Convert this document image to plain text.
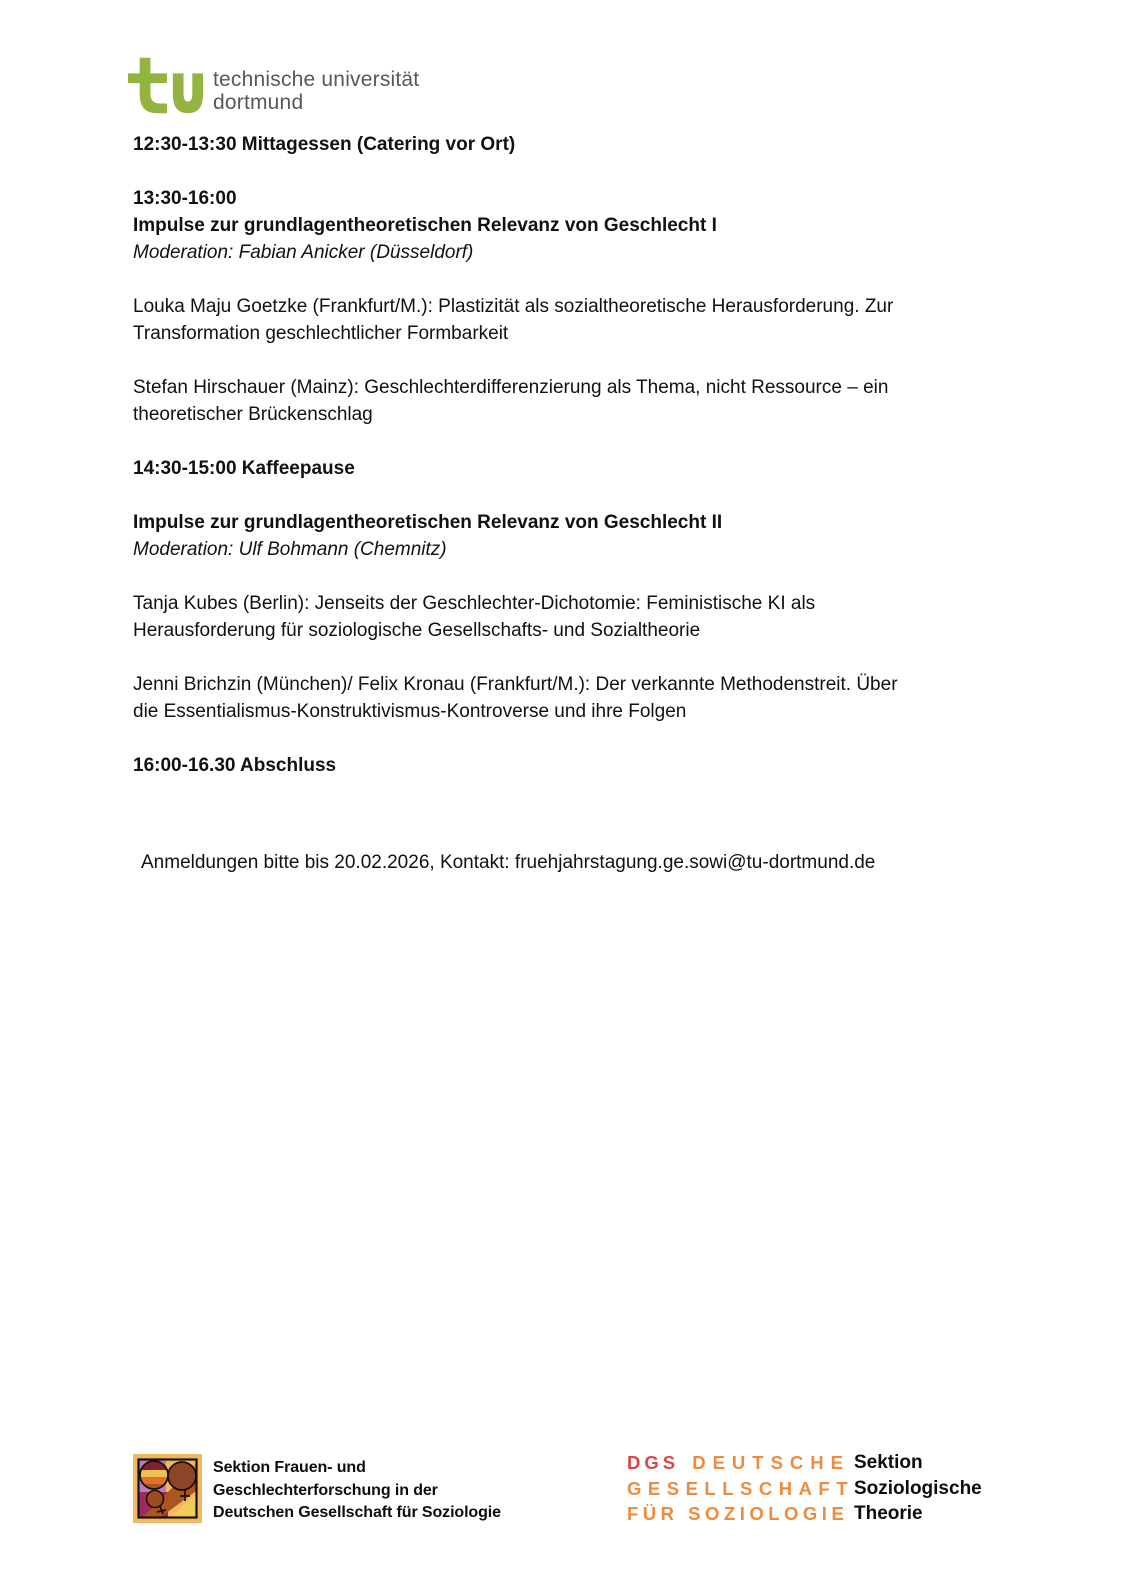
technische universität
dortmund

12:30-13:30 Mittagessen (Catering vor Ort)

13:30-16:00
Impulse zur grundlagentheoretischen Relevanz von Geschlecht I
Moderation: Fabian Anicker (Düsseldorf)

Louka Maju Goetzke (Frankfurt/M.): Plastizität als sozialtheoretische Herausforderung. Zur
Transformation geschlechtlicher Formbarkeit

Stefan Hirschauer (Mainz): Geschlechterdifferenzierung als Thema, nicht Ressource – ein
theoretischer Brückenschlag

14:30-15:00 Kaffeepause

Impulse zur grundlagentheoretischen Relevanz von Geschlecht II
Moderation: Ulf Bohmann (Chemnitz)

Tanja Kubes (Berlin): Jenseits der Geschlechter-Dichotomie: Feministische KI als
Herausforderung für soziologische Gesellschafts- und Sozialtheorie

Jenni Brichzin (München)/ Felix Kronau (Frankfurt/M.): Der verkannte Methodenstreit. Über
die Essentialismus-Konstruktivismus-Kontroverse und ihre Folgen

16:00-16.30 Abschluss

Anmeldungen bitte bis 20.02.2026, Kontakt: fruehjahrstagung.ge.sowi@tu-dortmund.de

Sektion Frauen- und
Geschlechterforschung in der
Deutschen Gesellschaft für Soziologie
DGS DEUTSCHE
GESELLSCHAFT
FÜR SOZIOLOGIE
Sektion
Soziologische
Theorie
